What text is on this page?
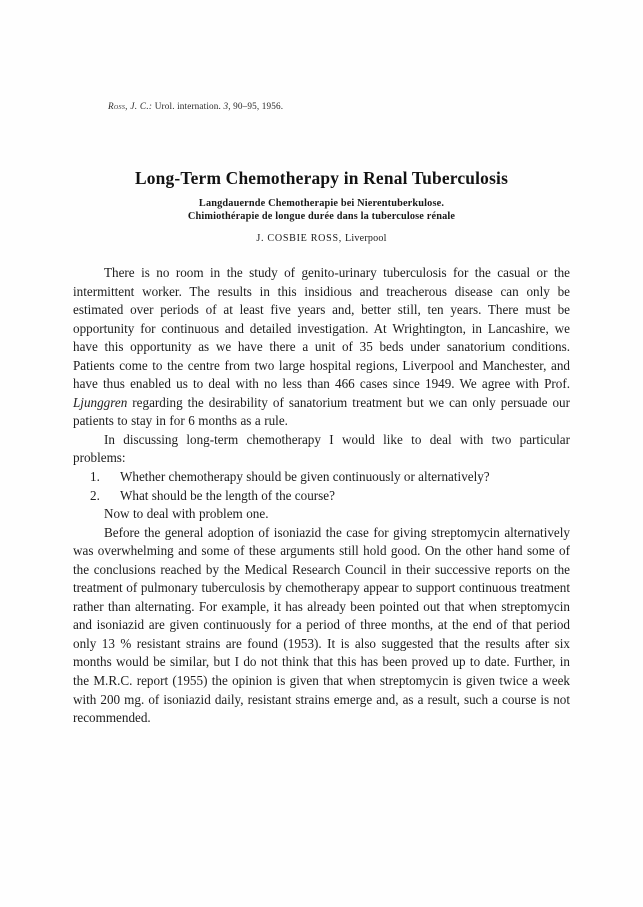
Ross, J. C.: Urol. internation. 3, 90–95, 1956.
Long-Term Chemotherapy in Renal Tuberculosis
Langdauernde Chemotherapie bei Nierentuberkulose.
Chimiothérapie de longue durée dans la tuberculose rénale
J. COSBIE ROSS, Liverpool

There is no room in the study of genito-urinary tuberculosis for the casual or the intermittent worker. The results in this insidious and treacherous disease can only be estimated over periods of at least five years and, better still, ten years. There must be opportunity for continuous and detailed investigation. At Wrightington, in Lancashire, we have this opportunity as we have there a unit of 35 beds under sanatorium conditions. Patients come to the centre from two large hospital regions, Liverpool and Manchester, and have thus enabled us to deal with no less than 466 cases since 1949. We agree with Prof. Ljunggren regarding the desirability of sanatorium treatment but we can only persuade our patients to stay in for 6 months as a rule.

In discussing long-term chemotherapy I would like to deal with two particular problems:

1. Whether chemotherapy should be given continuously or alternatively?
2. What should be the length of the course?

Now to deal with problem one.

Before the general adoption of isoniazid the case for giving streptomycin alternatively was overwhelming and some of these arguments still hold good. On the other hand some of the conclusions reached by the Medical Research Council in their successive reports on the treatment of pulmonary tuberculosis by chemotherapy appear to support continuous treatment rather than alternating. For example, it has already been pointed out that when streptomycin and isoniazid are given continuously for a period of three months, at the end of that period only 13 % resistant strains are found (1953). It is also suggested that the results after six months would be similar, but I do not think that this has been proved up to date. Further, in the M.R.C. report (1955) the opinion is given that when streptomycin is given twice a week with 200 mg. of isoniazid daily, resistant strains emerge and, as a result, such a course is not recommended.
